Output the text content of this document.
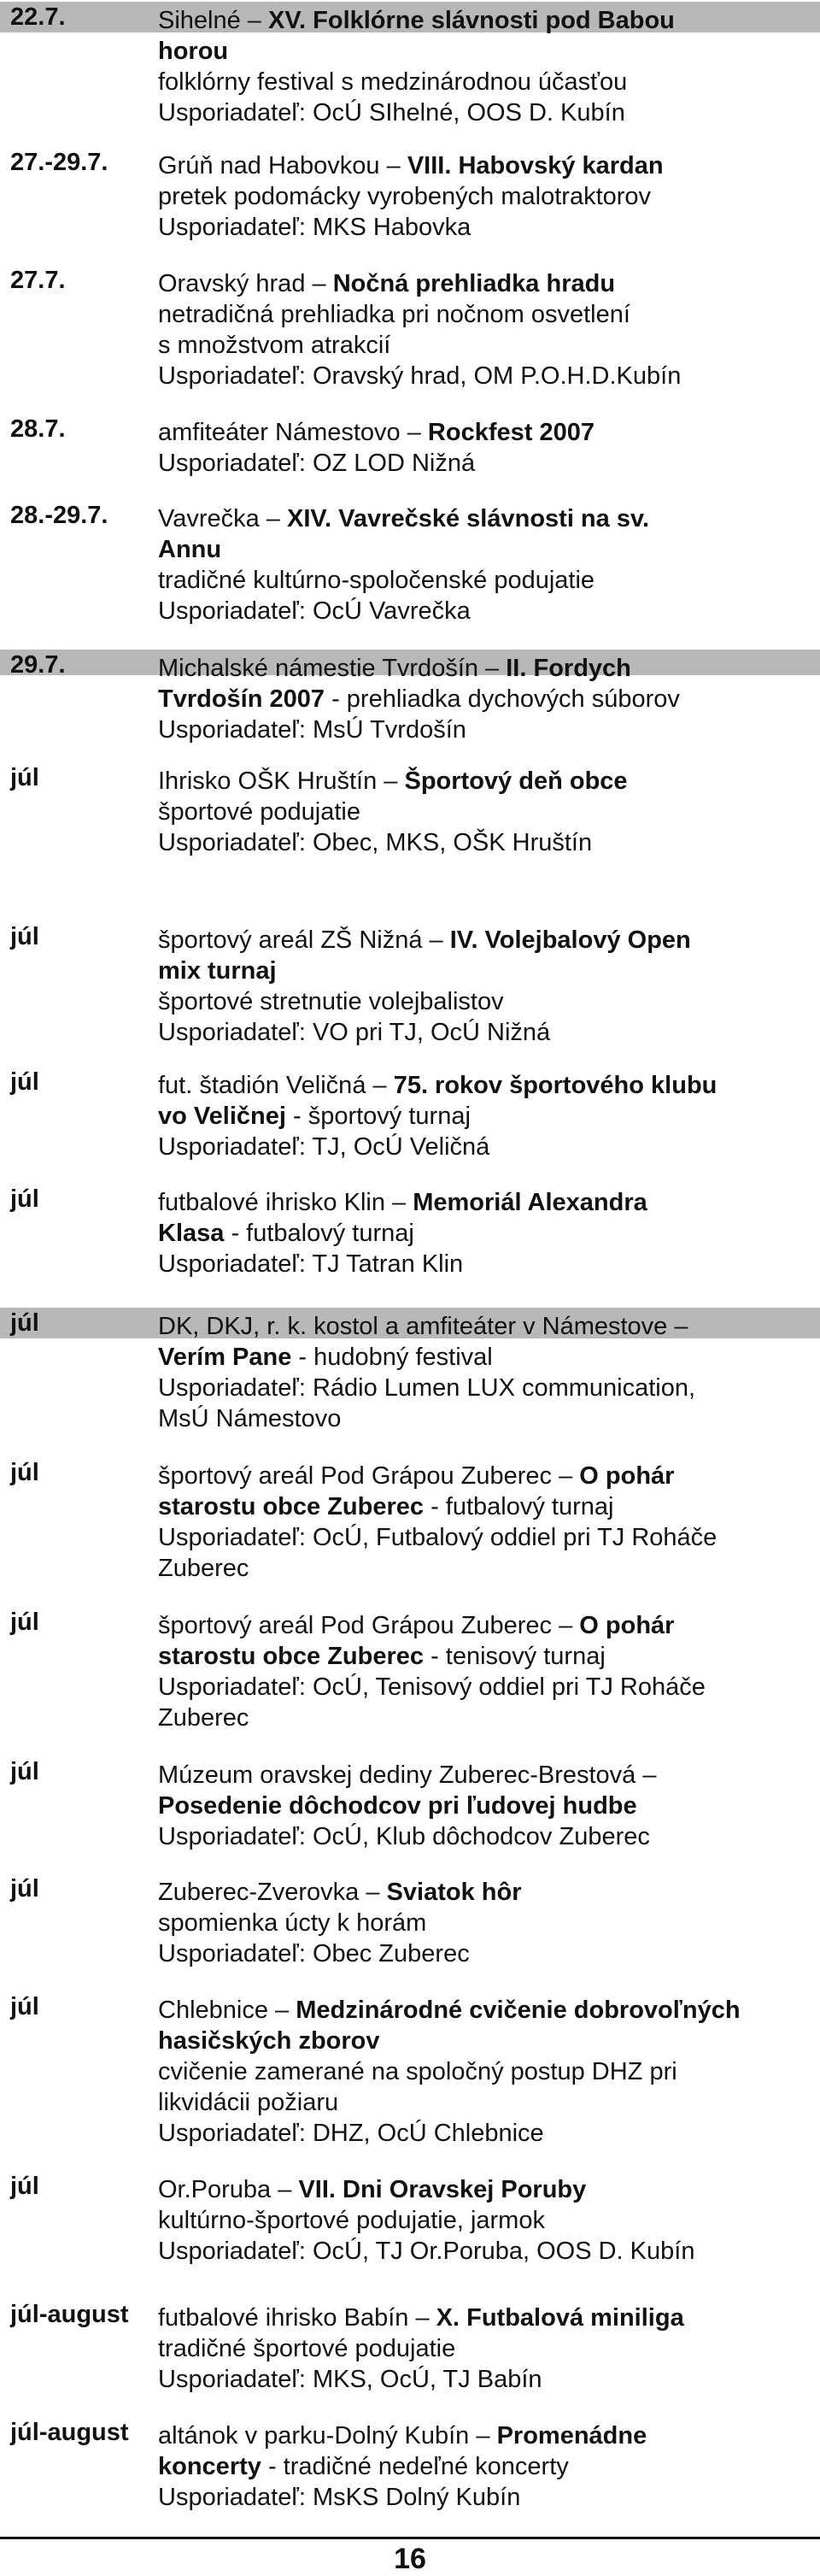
22.7.	Sihelné – XV. Folklórne slávnosti pod Babou
horou
folklórny festival s medzinárodnou účasťou
Usporiadateľ: OcÚ SIhelné, OOS D. Kubín
27.-29.7. Grúň nad Habovkou – VIII. Habovský kardan
pretek podomácky vyrobených malotraktorov
Usporiadateľ: MKS Habovka
27.7.	Oravský hrad – Nočná prehliadka hradu
netradičná prehliadka pri nočnom osvetlení
s množstvom atrakcií
Usporiadateľ: Oravský hrad, OM P.O.H.D.Kubín
28.7.	amfiteáter Námestovo – Rockfest 2007
Usporiadateľ: OZ LOD Nižná
28.-29.7. Vavrečka – XIV. Vavrečské slávnosti na sv.
Annu
tradičné kultúrno-spoločenské podujatie
Usporiadateľ: OcÚ Vavrečka
29.7.	Michalské námestie Tvrdošín – II. Fordych
Tvrdošín 2007 - prehliadka dychových súborov
Usporiadateľ: MsÚ Tvrdošín
júl	Ihrisko OŠK Hruštín – Športový deň obce
športové podujatie
Usporiadateľ: Obec, MKS, OŠK Hruštín
júl	športový areál ZŠ Nižná – IV. Volejbalový Open
mix turnaj
športové stretnutie volejbalistov
Usporiadateľ: VO pri TJ, OcÚ Nižná
júl	fut. štadión Veličná – 75. rokov športového klubu
vo Veličnej - športový turnaj
Usporiadateľ: TJ, OcÚ Veličná
júl	futbalové ihrisko Klin – Memoriál Alexandra
Klasa - futbalový turnaj
Usporiadateľ: TJ Tatran Klin
júl	DK, DKJ, r. k. kostol a amfiteáter v Námestove –
Verím Pane - hudobný festival
Usporiadateľ: Rádio Lumen LUX communication,
MsÚ Námestovo
júl	športový areál Pod Grápou Zuberec – O pohár
starostu obce Zuberec - futbalový turnaj
Usporiadateľ: OcÚ, Futbalový oddiel pri TJ Roháče
Zuberec
júl	športový areál Pod Grápou Zuberec – O pohár
starostu obce Zuberec - tenisový turnaj
Usporiadateľ: OcÚ, Tenisový oddiel pri TJ Roháče
Zuberec
júl	Múzeum oravskej dediny Zuberec-Brestová –
Posedenie dôchodcov pri ľudovej hudbe
Usporiadateľ: OcÚ, Klub dôchodcov Zuberec
júl	Zuberec-Zverovka – Sviatok hôr
spomienka úcty k horám
Usporiadateľ: Obec Zuberec
júl	Chlebnice – Medzinárodné cvičenie dobrovoľných
hasičských zborov
cvičenie zamerané na spoločný postup DHZ pri
likvidácii požiaru
Usporiadateľ: DHZ, OcÚ Chlebnice
júl	Or.Poruba – VII. Dni Oravskej Poruby
kultúrno-športové podujatie, jarmok
Usporiadateľ: OcÚ, TJ Or.Poruba, OOS D. Kubín
júl-august futbalové ihrisko Babín – X. Futbalová miniliga
tradičné športové podujatie
Usporiadateľ: MKS, OcÚ, TJ Babín
júl-august altánok v parku-Dolný Kubín – Promenádne
koncerty - tradičné nedeľné koncerty
Usporiadateľ: MsKS Dolný Kubín
16
